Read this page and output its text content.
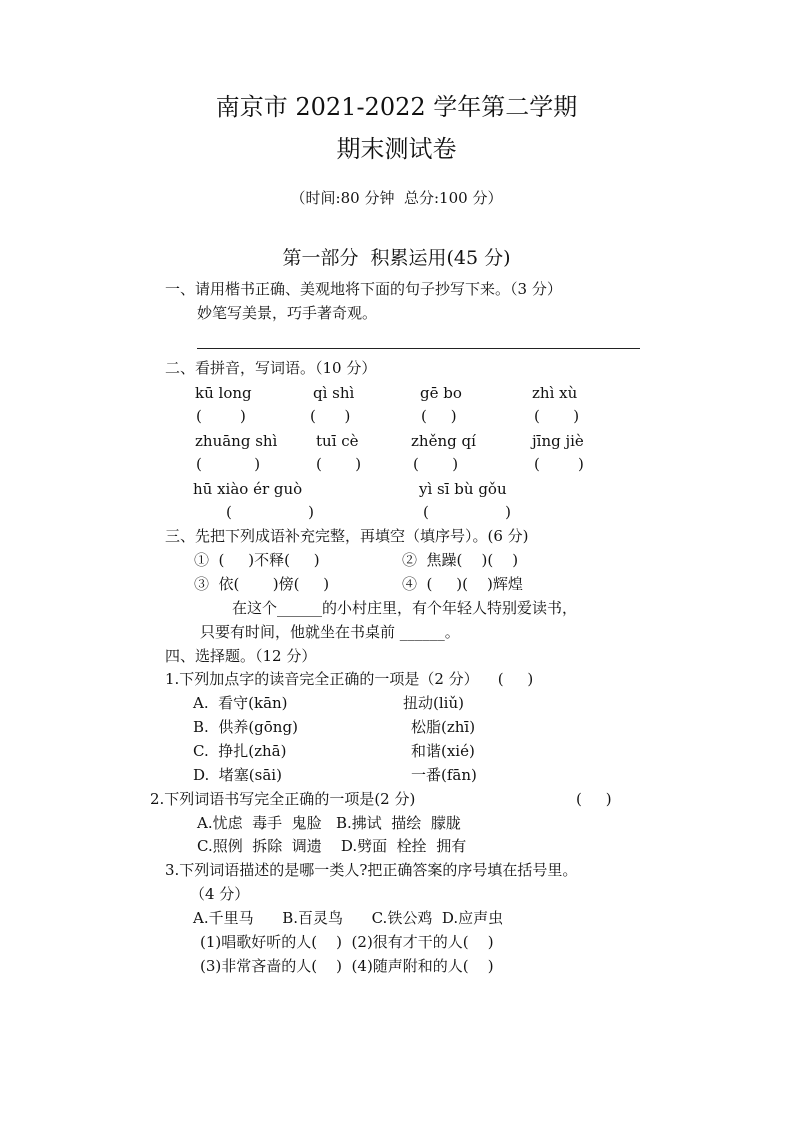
南京市 2021-2022 学年第二学期
期末测试卷
（时间:80 分钟  总分:100 分）
第一部分  积累运用(45 分)
一、请用楷书正确、美观地将下面的句子抄写下来。（3 分）
妙笔写美景，巧手著奇观。
二、看拼音，写词语。（10 分）
kū long	qì shì	gē bo	zhì xù
(        )	(      )	(     )	(       )
zhuāng shì	tuī cè	zhěng qí	jīng jiè
(           )	(       )	(       )	(        )
hū xiào ér guò	yì sī bù gǒu
(                )	(                )
三、先把下列成语补充完整，再填空（填序号）。(6 分)
①  (     )不释(     )	②  焦躁(    )(    )
③  依(       )傍(     )	④  (     )(    )辉煌
在这个______的小村庄里，有个年轻人特别爱读书，
只要有时间，他就坐在书桌前 ______。
四、选择题。（12 分）
1.下列加点字的读音完全正确的一项是（2 分）    (     )
A.  看守(kān)	扭动(liǔ)
B.  供养(gōng)	松脂(zhī)
C.  挣扎(zhā)	和谐(xié)
D.  堵塞(sāi)	一番(fān)
2.下列词语书写完全正确的一项是(2 分)	(     )
A.忧虑  毒手  鬼脸   B.拂试  描绘  朦胧
C.照例  拆除  调遗    D.劈面  栓拴  拥有
3.下列词语描述的是哪一类人?把正确答案的序号填在括号里。
（4 分）
A.千里马      B.百灵鸟      C.铁公鸡  D.应声虫
(1)唱歌好听的人(    )  (2)很有才干的人(    )
(3)非常吝啬的人(    )  (4)随声附和的人(    )
